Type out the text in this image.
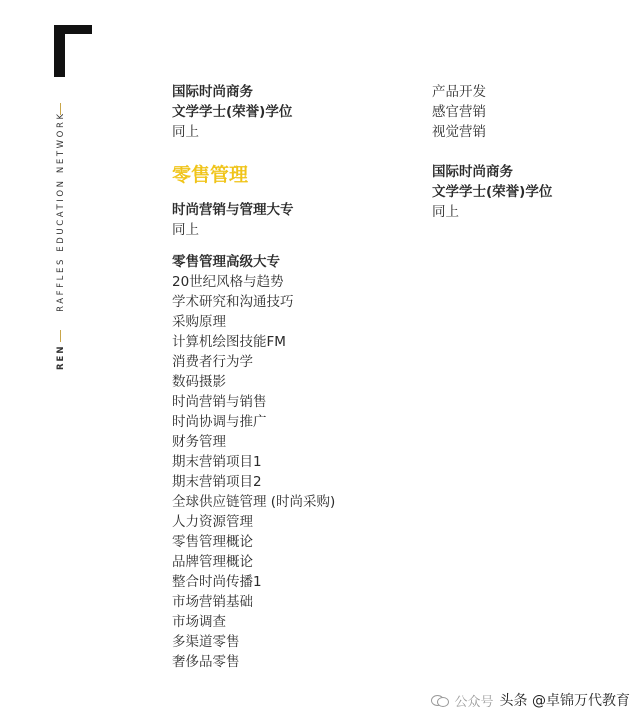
REN  RAFFLES EDUCATION NETWORK
国际时尚商务
文学学士(荣誉)学位
同上
零售管理
时尚营销与管理大专
同上
零售管理高级大专
20世纪风格与趋势
学术研究和沟通技巧
采购原理
计算机绘图技能FM
消费者行为学
数码摄影
时尚营销与销售
时尚协调与推广
财务管理
期末营销项目1
期末营销项目2
全球供应链管理 (时尚采购)
人力资源管理
零售管理概论
品牌管理概论
整合时尚传播1
市场营销基础
市场调查
多渠道零售
奢侈品零售
产品开发
感官营销
视觉营销
国际时尚商务
文学学士(荣誉)学位
同上
公众号 头条 @卓锦万代教育
